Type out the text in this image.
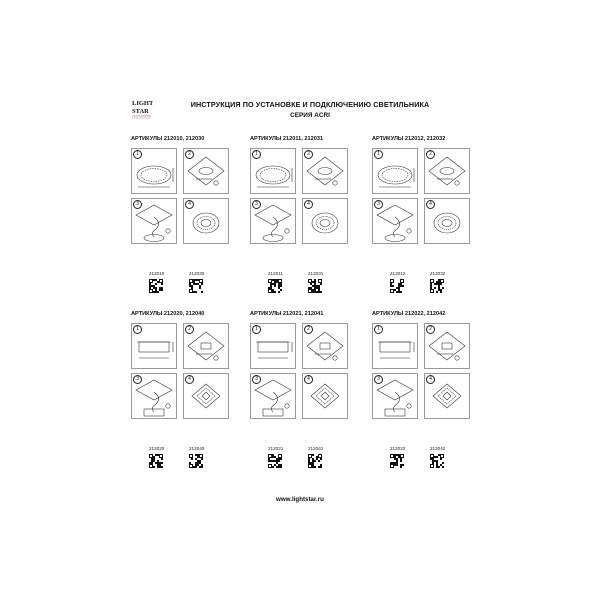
LIGHT
STAR
ИНСТРУКЦИЯ ПО УСТАНОВКЕ И ПОДКЛЮЧЕНИЮ СВЕТИЛЬНИКА
СЕРИЯ ACRI
АРТИКУЛЫ 212010, 212030
1	2
3	4
212010	212030
АРТИКУЛЫ 212011, 212031
1	2
3	4
212011	212031
АРТИКУЛЫ 212012, 212032
1	2
3	4
212012	212032
АРТИКУЛЫ 212020, 212040
1	2
3	4
212020	212040
АРТИКУЛЫ 212021, 212041
1	2
3	4
212021	212041
АРТИКУЛЫ 212022, 212042
1	2
3	4
212022	212042
www.lightstar.ru
